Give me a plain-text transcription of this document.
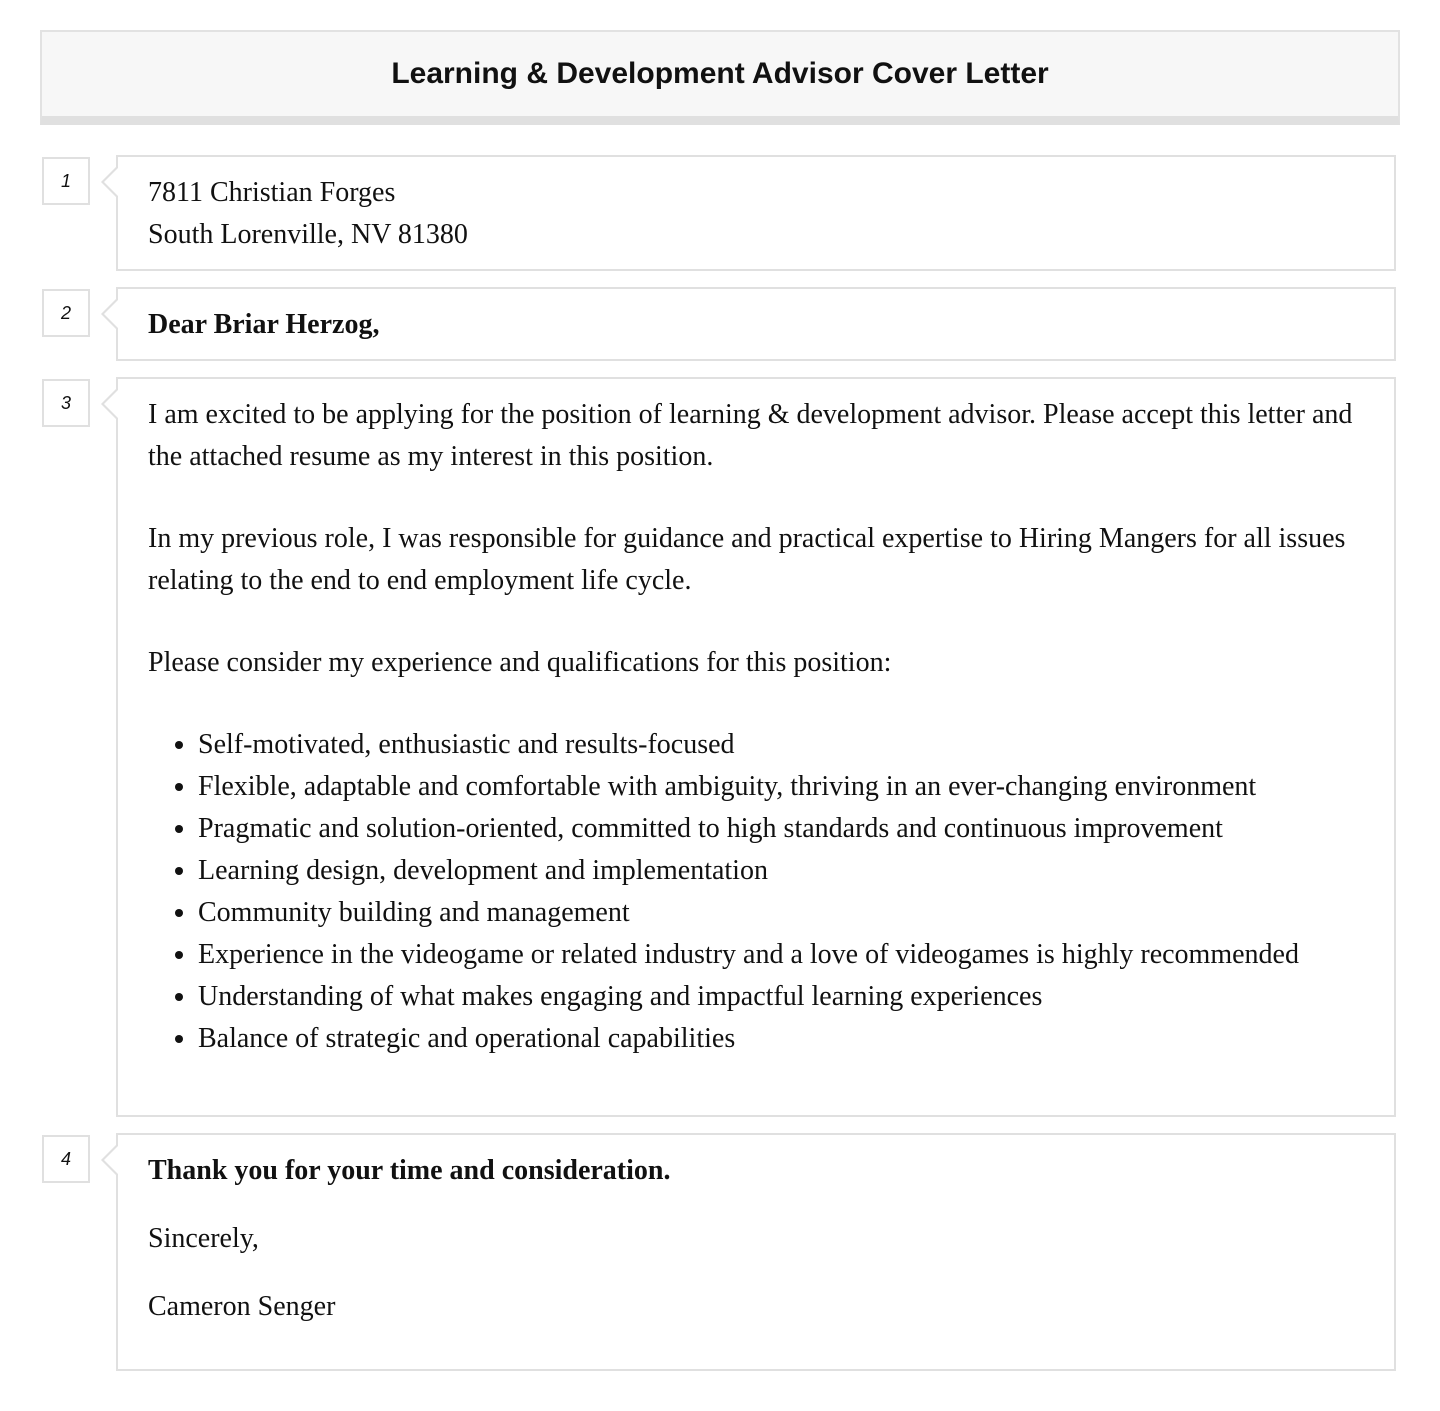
Learning & Development Advisor Cover Letter
1	7811 Christian Forges

South Lorenville, NV 81380

2	Dear Briar Herzog,

3	I am excited to be applying for the position of learning & development advisor. Please accept this letter and the attached resume as my interest in this position.

In my previous role, I was responsible for guidance and practical expertise to Hiring Mangers for all issues relating to the end to end employment life cycle.

Please consider my experience and qualifications for this position:

• Self-motivated, enthusiastic and results-focused
• Flexible, adaptable and comfortable with ambiguity, thriving in an ever-changing environment
• Pragmatic and solution-oriented, committed to high standards and continuous improvement
• Learning design, development and implementation
• Community building and management
• Experience in the videogame or related industry and a love of videogames is highly recommended
• Understanding of what makes engaging and impactful learning experiences
• Balance of strategic and operational capabilities
4	Thank you for your time and consideration.

Sincerely,

Cameron Senger
